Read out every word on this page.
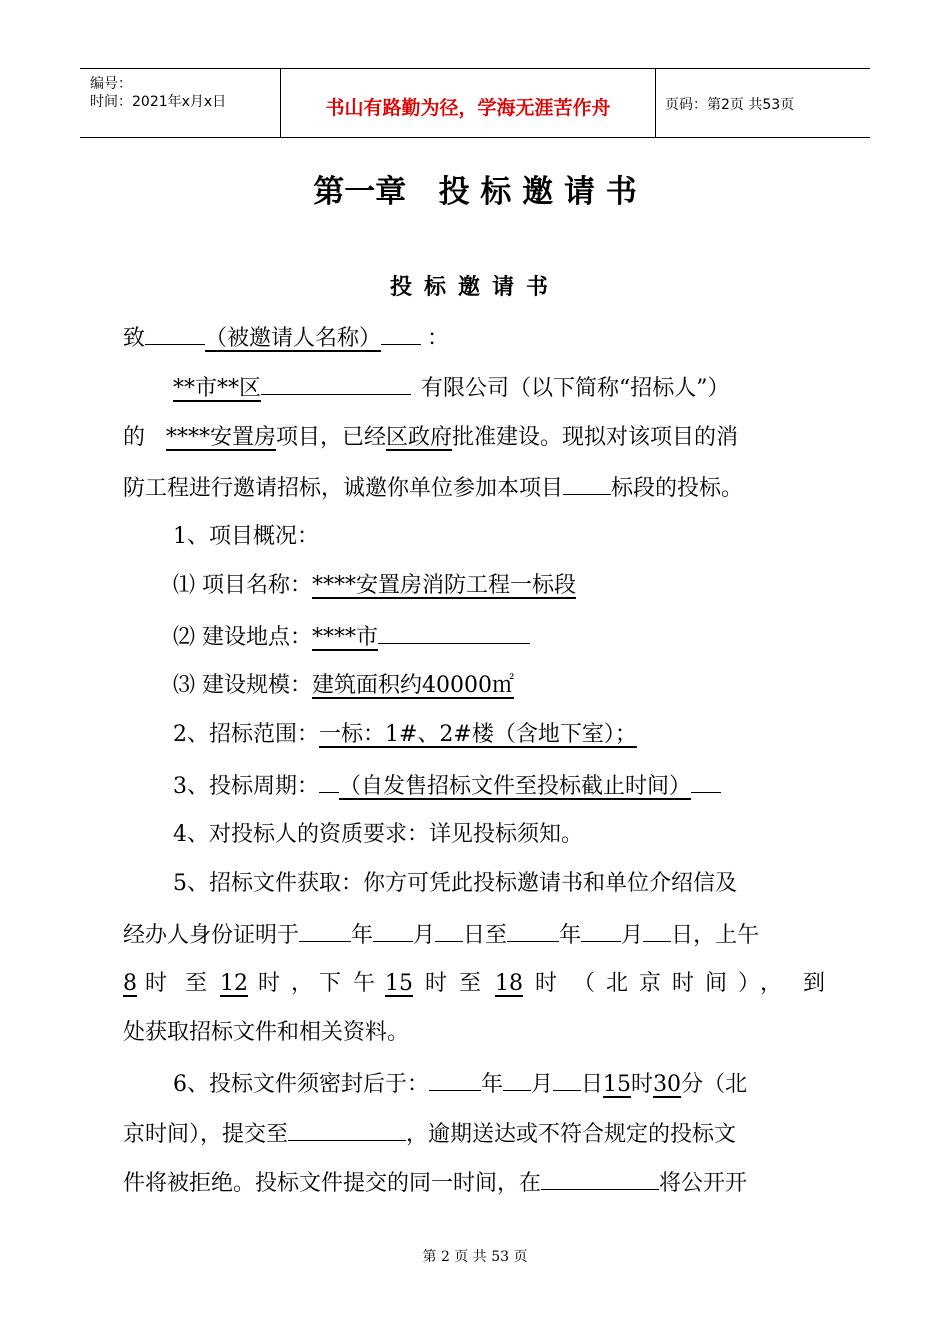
编号：
时间：2021年x月x日	书山有路勤为径，学海无涯苦作舟	页码：第2页 共53页
第一章   投 标 邀 请 书
投标邀请书
致	（被邀请人名称） ：
**市**区	有限公司（以下简称“招标人”）
的 ****安置房项目，已经区政府批准建设。现拟对该项目的消
防工程进行邀请招标，诚邀你单位参加本项目 标段的投标。
1、项目概况：
⑴ 项目名称：****安置房消防工程一标段
⑵ 建设地点：****市
⑶ 建设规模：建筑面积约40000㎡
2、招标范围：一标：1#、2#楼（含地下室）；
3、投标周期： （自发售招标文件至投标截止时间）
4、对投标人的资质要求：详见投标须知。
5、招标文件获取：你方可凭此投标邀请书和单位介绍信及
经办人身份证明于 年 月 日至 年 月 日，上午
8 时 至 12 时 ， 下午
15 时 至 18 时 （北京时间）， 到
处获取招标文件和相关资料。
6、投标文件须密封后于： 年 月 日15时30分（北
京时间），提交至	，逾期送达或不符合规定的投标文
件将被拒绝。投标文件提交的同一时间，在	将公开开
第 2 页 共 53 页
